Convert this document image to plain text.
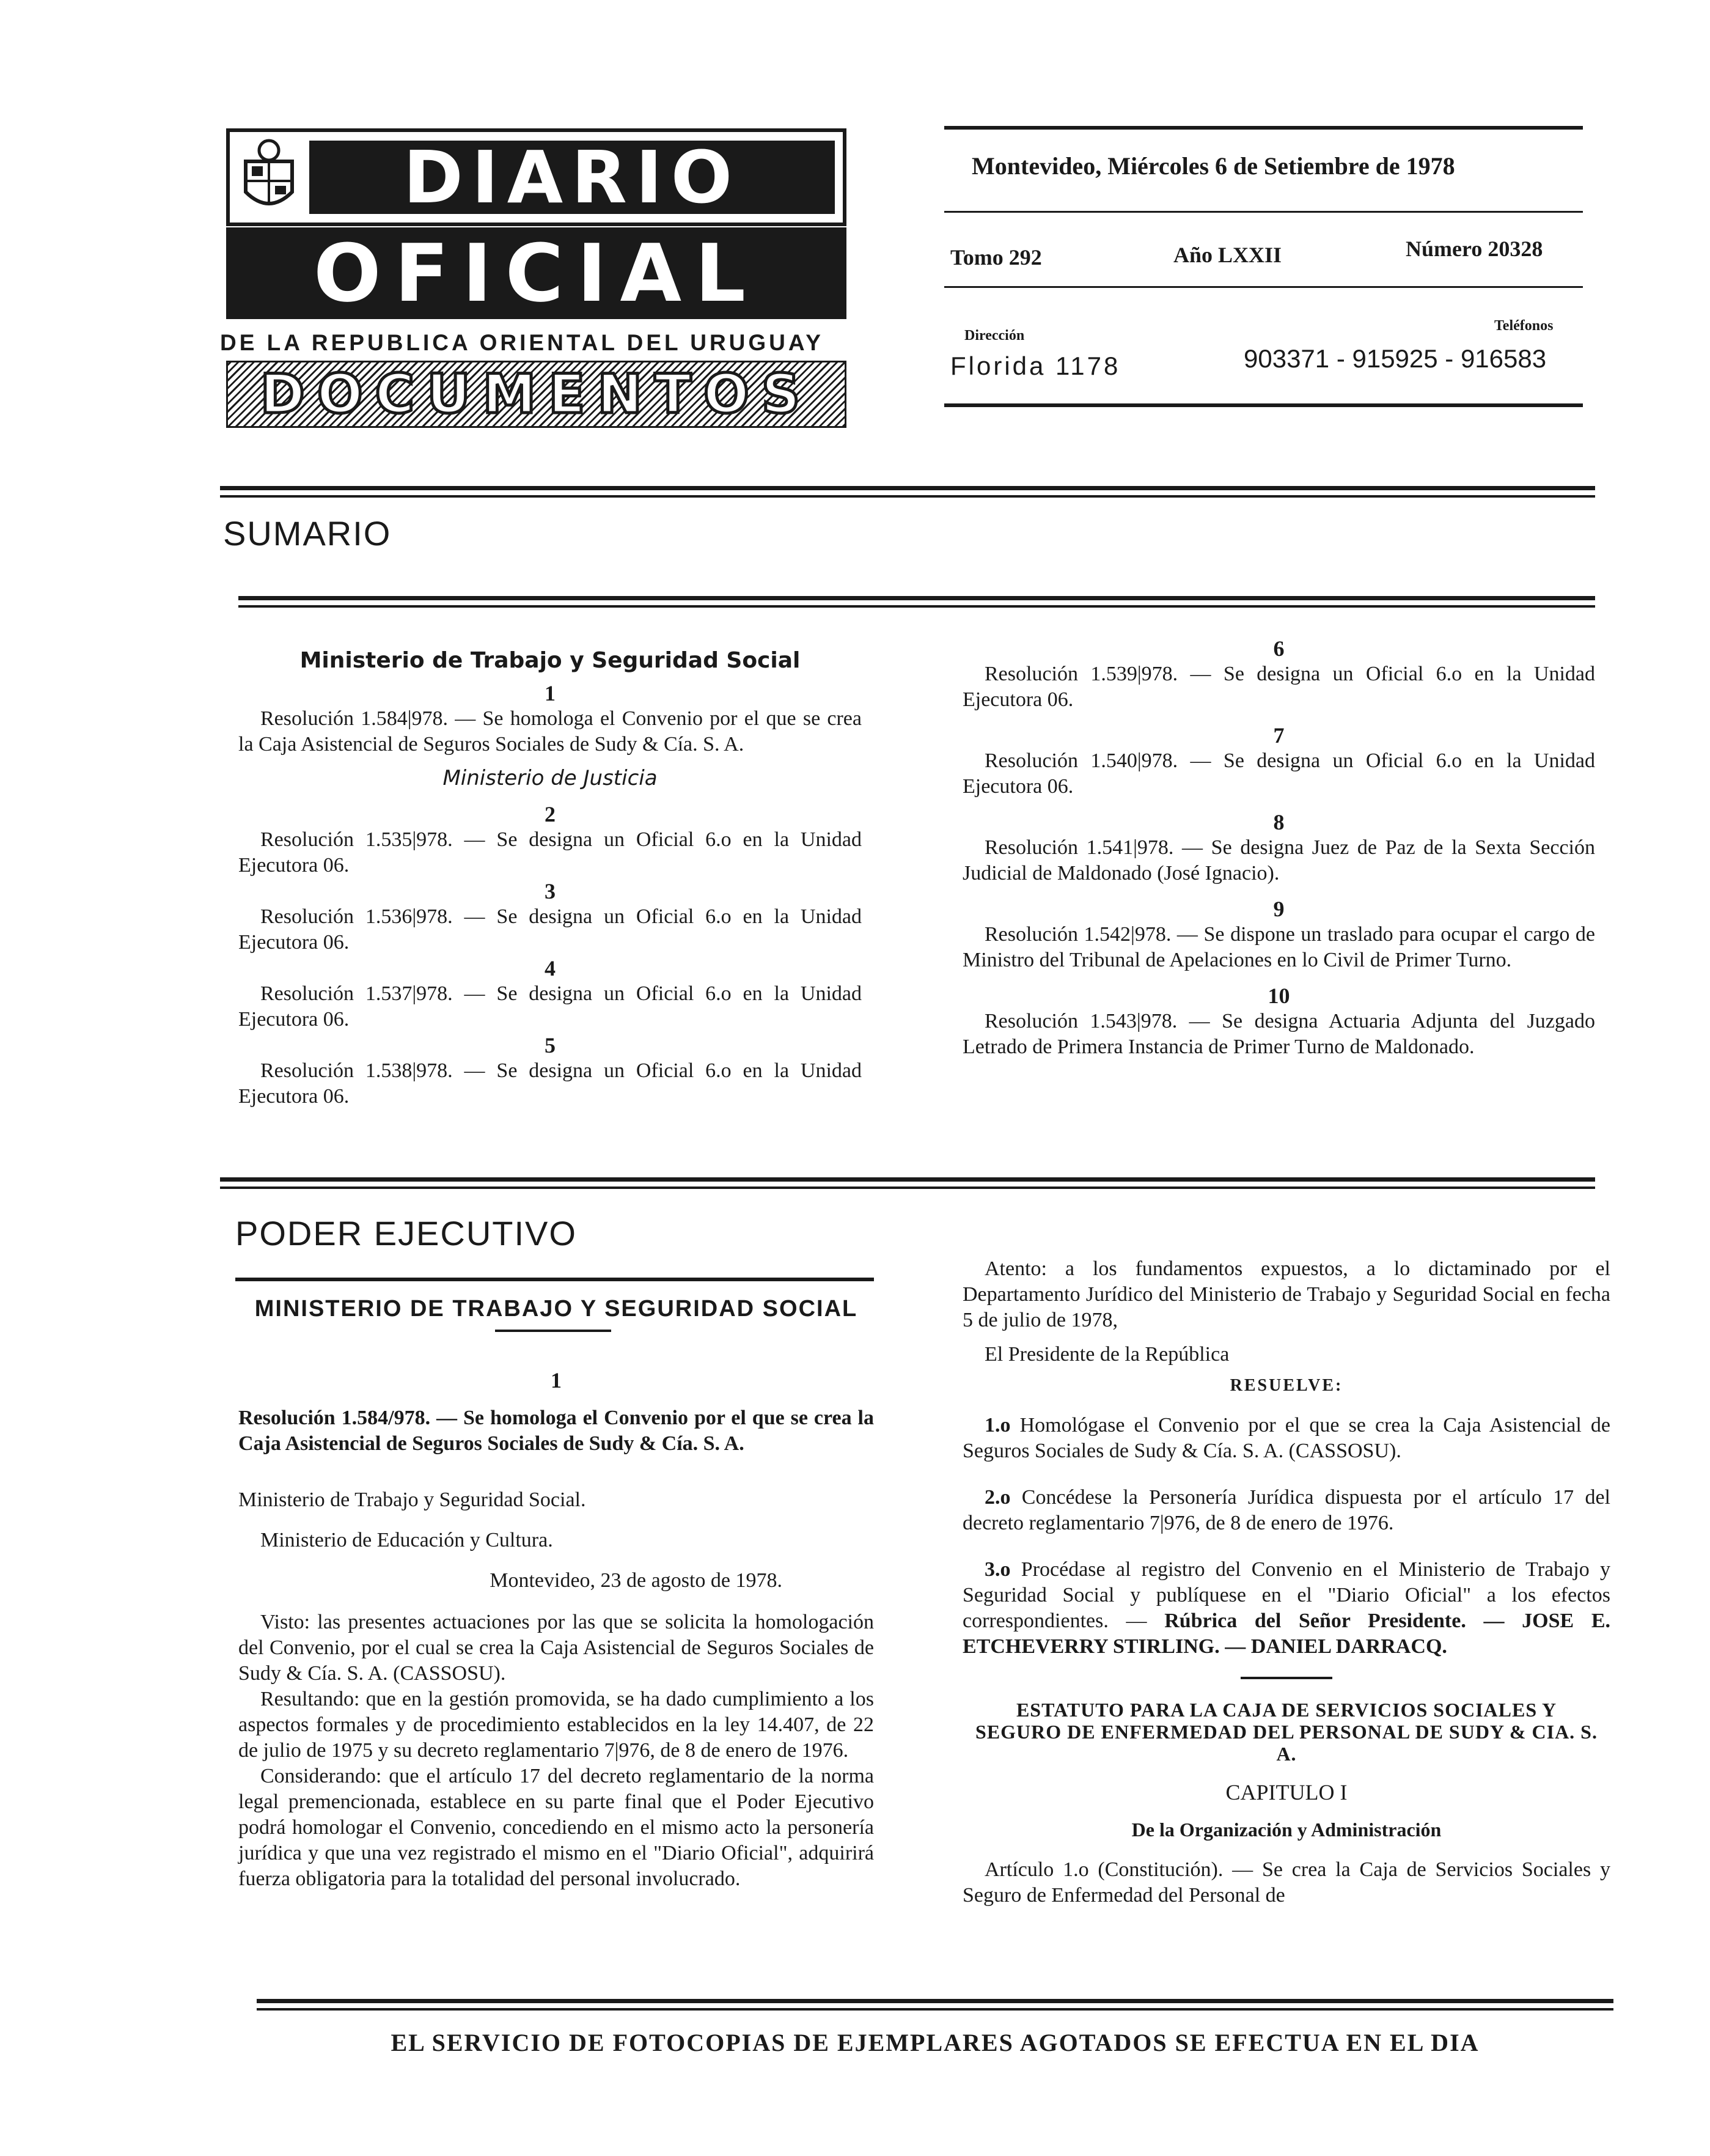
DIARIO
OFICIAL
DE LA REPUBLICA ORIENTAL DEL URUGUAY
DOCUMENTOS
Montevideo, Miércoles 6 de Setiembre de 1978
Tomo 292	Año LXXII	Número 20328
Dirección
Florida 1178
Teléfonos
903371 - 915925 - 916583
SUMARIO
Ministerio de Trabajo y Seguridad Social
1

Resolución 1.584|978. — Se homologa el Convenio por el que se crea la Caja Asistencial de Seguros Sociales de Sudy & Cía. S. A.

Ministerio de Justicia
2

Resolución 1.535|978. — Se designa un Oficial 6.o en la Unidad Ejecutora 06.

3

Resolución 1.536|978. — Se designa un Oficial 6.o en la Unidad Ejecutora 06.

4

Resolución 1.537|978. — Se designa un Oficial 6.o en la Unidad Ejecutora 06.

5

Resolución 1.538|978. — Se designa un Oficial 6.o en la Unidad Ejecutora 06.

6

Resolución 1.539|978. — Se designa un Oficial 6.o en la Unidad Ejecutora 06.

7

Resolución 1.540|978. — Se designa un Oficial 6.o en la Unidad Ejecutora 06.

8

Resolución 1.541|978. — Se designa Juez de Paz de la Sexta Sección Judicial de Maldonado (José Ignacio).

9

Resolución 1.542|978. — Se dispone un traslado para ocupar el cargo de Ministro del Tribunal de Apelaciones en lo Civil de Primer Turno.

10

Resolución 1.543|978. — Se designa Actuaria Adjunta del Juzgado Letrado de Primera Instancia de Primer Turno de Maldonado.

PODER EJECUTIVO
MINISTERIO DE TRABAJO Y SEGURIDAD SOCIAL
1

Resolución 1.584/978. — Se homologa el Convenio por el que se crea la Caja Asistencial de Seguros Sociales de Sudy & Cía. S. A.

Ministerio de Trabajo y Seguridad Social.

Ministerio de Educación y Cultura.

Montevideo, 23 de agosto de 1978.

Visto: las presentes actuaciones por las que se solicita la homologación del Convenio, por el cual se crea la Caja Asistencial de Seguros Sociales de Sudy & Cía. S. A. (CASSOSU).

Resultando: que en la gestión promovida, se ha dado cumplimiento a los aspectos formales y de procedimiento establecidos en la ley 14.407, de 22 de julio de 1975 y su decreto reglamentario 7|976, de 8 de enero de 1976.

Considerando: que el artículo 17 del decreto reglamentario de la norma legal premencionada, establece en su parte final que el Poder Ejecutivo podrá homologar el Convenio, concediendo en el mismo acto la personería jurídica y que una vez registrado el mismo en el "Diario Oficial", adquirirá fuerza obligatoria para la totalidad del personal involucrado.

Atento: a los fundamentos expuestos, a lo dictaminado por el Departamento Jurídico del Ministerio de Trabajo y Seguridad Social en fecha 5 de julio de 1978,

El Presidente de la República

RESUELVE:

1.o Homológase el Convenio por el que se crea la Caja Asistencial de Seguros Sociales de Sudy & Cía. S. A. (CASSOSU).

2.o Concédese la Personería Jurídica dispuesta por el artículo 17 del decreto reglamentario 7|976, de 8 de enero de 1976.

3.o Procédase al registro del Convenio en el Ministerio de Trabajo y Seguridad Social y publíquese en el "Diario Oficial" a los efectos correspondientes. — Rúbrica del Señor Presidente. — JOSE E. ETCHEVERRY STIRLING. — DANIEL DARRACQ.

ESTATUTO PARA LA CAJA DE SERVICIOS SOCIALES Y SEGURO DE ENFERMEDAD DEL PERSONAL DE SUDY & CIA. S. A.
CAPITULO I
De la Organización y Administración

Artículo 1.o (Constitución). — Se crea la Caja de Servicios Sociales y Seguro de Enfermedad del Personal de

EL SERVICIO DE FOTOCOPIAS DE EJEMPLARES AGOTADOS SE EFECTUA EN EL DIA
